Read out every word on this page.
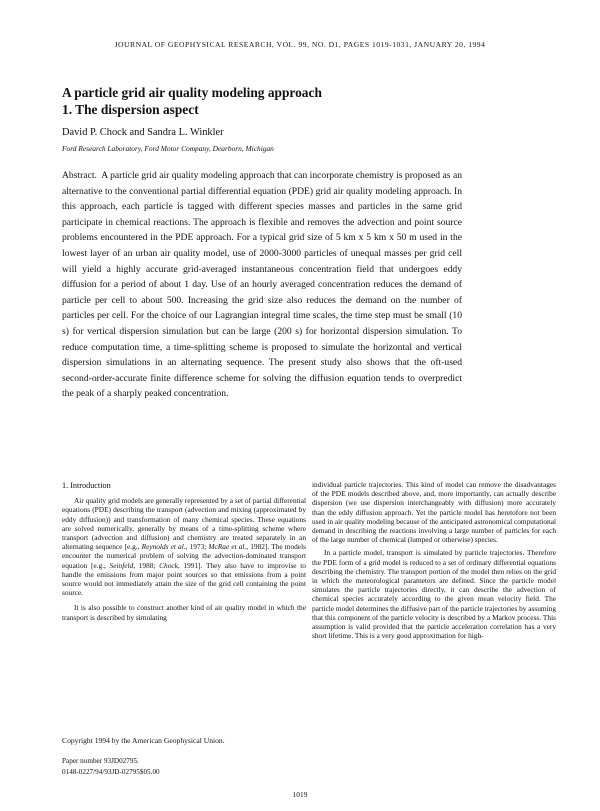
JOURNAL OF GEOPHYSICAL RESEARCH, VOL. 99, NO. D1, PAGES 1019-1031, JANUARY 20, 1994
A particle grid air quality modeling approach
1. The dispersion aspect
David P. Chock and Sandra L. Winkler
Ford Research Laboratory, Ford Motor Company, Dearborn, Michigan

Abstract. A particle grid air quality modeling approach that can incorporate chemistry is proposed as an alternative to the conventional partial differential equation (PDE) grid air quality modeling approach. In this approach, each particle is tagged with different species masses and particles in the same grid participate in chemical reactions. The approach is flexible and removes the advection and point source problems encountered in the PDE approach. For a typical grid size of 5 km x 5 km x 50 m used in the lowest layer of an urban air quality model, use of 2000-3000 particles of unequal masses per grid cell will yield a highly accurate grid-averaged instantaneous concentration field that undergoes eddy diffusion for a period of about 1 day. Use of an hourly averaged concentration reduces the demand of particle per cell to about 500. Increasing the grid size also reduces the demand on the number of particles per cell. For the choice of our Lagrangian integral time scales, the time step must be small (10 s) for vertical dispersion simulation but can be large (200 s) for horizontal dispersion simulation. To reduce computation time, a time-splitting scheme is proposed to simulate the horizontal and vertical dispersion simulations in an alternating sequence. The present study also shows that the oft-used second-order-accurate finite difference scheme for solving the diffusion equation tends to overpredict the peak of a sharply peaked concentration.

1. Introduction

Air quality grid models are generally represented by a set of partial differential equations (PDE) describing the transport (advection and mixing (approximated by eddy diffusion)) and transformation of many chemical species. These equations are solved numerically, generally by means of a time-splitting scheme where transport (advection and diffusion) and chemistry are treated separately in an alternating sequence [e.g., Reynolds et al., 1973; McRae et al., 1982]. The models encounter the numerical problem of solving the advection-dominated transport equation [e.g., Seinfeld, 1988; Chock, 1991]. They also have to improvise to handle the emissions from major point sources so that emissions from a point source would not immediately attain the size of the grid cell containing the point source.

It is also possible to construct another kind of air quality model in which the transport is described by simulating

individual particle trajectories. This kind of model can remove the disadvantages of the PDE models described above, and, more importantly, can actually describe dispersion (we use dispersion interchangeably with diffusion) more accurately than the eddy diffusion approach. Yet the particle model has heretofore not been used in air quality modeling because of the anticipated astronomical computational demand in describing the reactions involving a large number of particles for each of the large number of chemical (lumped or otherwise) species.

In a particle model, transport is simulated by particle trajectories. Therefore the PDE form of a grid model is reduced to a set of ordinary differential equations describing the chemistry. The transport portion of the model then relies on the grid in which the meteorological parameters are defined. Since the particle model simulates the particle trajectories directly, it can describe the advection of chemical species accurately according to the given mean velocity field. The particle model determines the diffusive part of the particle trajectories by assuming that this component of the particle velocity is described by a Markov process. This assumption is valid provided that the particle acceleration correlation has a very short lifetime. This is a very good approximation for high-

Copyright 1994 by the American Geophysical Union.
Paper number 93JD02795.
0148-0227/94/93JD-02795$05.00
1019
